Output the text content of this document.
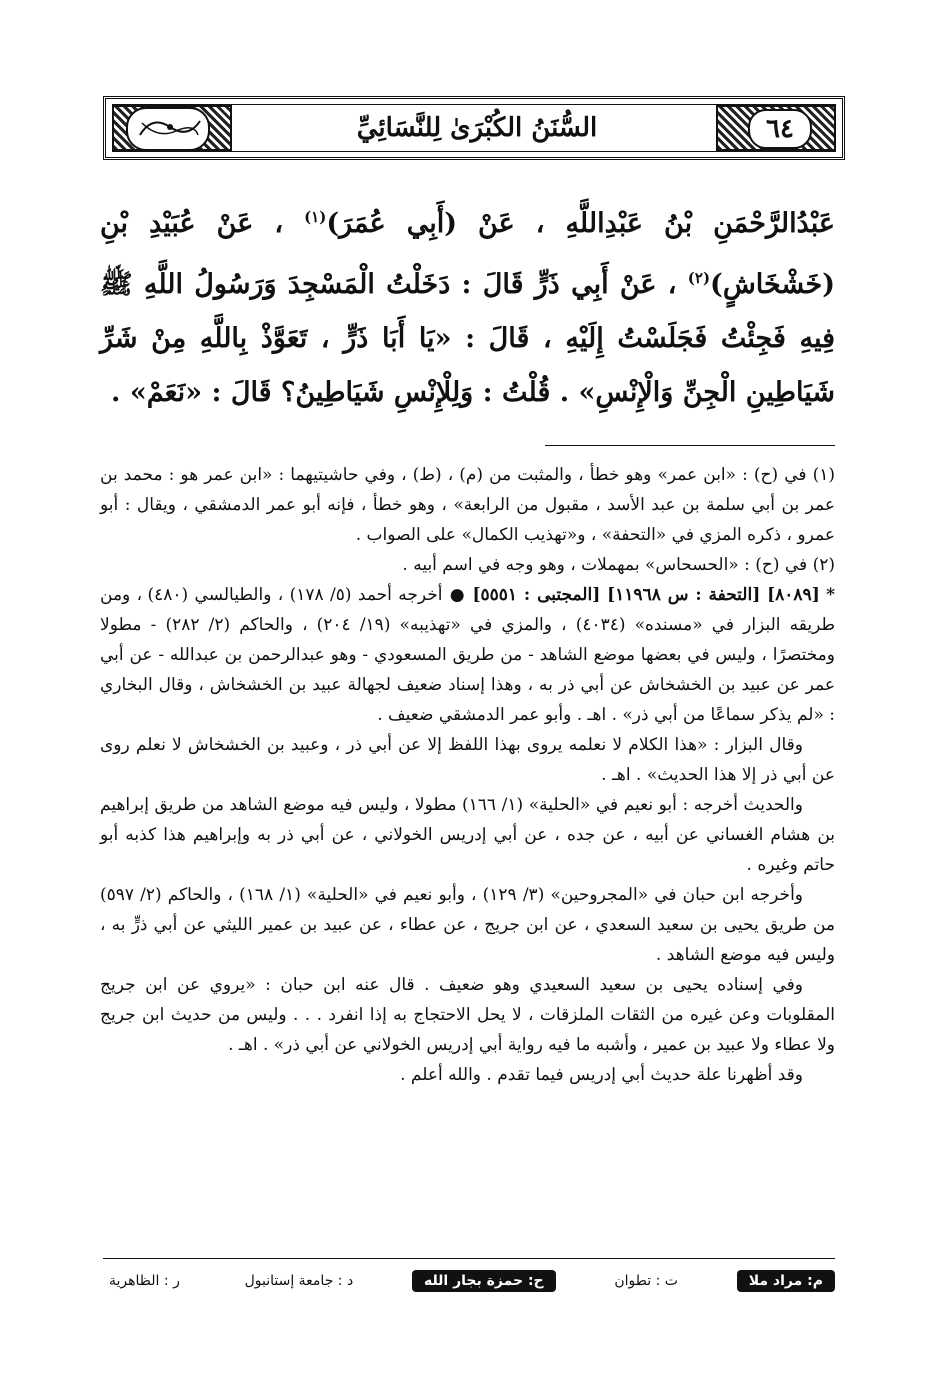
٦٤
السُّنَنُ الكُبْرَىٰ لِلنَّسَائِيِّ

عَبْدُالرَّحْمَنِ بْنُ عَبْدِاللَّهِ ، عَنْ (أَبِي عُمَرَ)$^{(١)}$ ، عَنْ عُبَيْدِ بْنِ (خَشْخَاشٍ)$^{(٢)}$ ، عَنْ أَبِي ذَرٍّ قَالَ : دَخَلْتُ الْمَسْجِدَ وَرَسُولُ اللَّهِ ﷺ فِيهِ فَجِئْتُ فَجَلَسْتُ إِلَيْهِ ، قَالَ : «يَا أَبَا ذَرٍّ ، تَعَوَّذْ بِاللَّهِ مِنْ شَرِّ شَيَاطِينِ الْجِنِّ وَالْإِنْسِ» . قُلْتُ : وَلِلْإِنْسِ شَيَاطِينُ؟ قَالَ : «نَعَمْ» .

(١) في (ح) : «ابن عمر» وهو خطأ ، والمثبت من (م) ، (ط) ، وفي حاشيتيهما : «ابن عمر هو : محمد بن عمر بن أبي سلمة بن عبد الأسد ، مقبول من الرابعة» ، وهو خطأ ، فإنه أبو عمر الدمشقي ، ويقال : أبو عمرو ، ذكره المزي في «التحفة» ، و«تهذيب الكمال» على الصواب .

(٢) في (ح) : «الحسحاس» بمهملات ، وهو وجه في اسم أبيه .

* [٨٠٨٩] [التحفة : س ١١٩٦٨] [المجتبى : ٥٥٥١] ● أخرجه أحمد (٥/ ١٧٨) ، والطيالسي (٤٨٠) ، ومن طريقه البزار في «مسنده» (٤٠٣٤) ، والمزي في «تهذيبه» (١٩/ ٢٠٤) ، والحاكم (٢/ ٢٨٢) - مطولا ومختصرًا ، وليس في بعضها موضع الشاهد - من طريق المسعودي - وهو عبدالرحمن بن عبدالله - عن أبي عمر عن عبيد بن الخشخاش عن أبي ذر به ، وهذا إسناد ضعيف لجهالة عبيد بن الخشخاش ، وقال البخاري : «لم يذكر سماعًا من أبي ذر» . اهـ . وأبو عمر الدمشقي ضعيف .

وقال البزار : «هذا الكلام لا نعلمه يروى بهذا اللفظ إلا عن أبي ذر ، وعبيد بن الخشخاش لا نعلم روى عن أبي ذر إلا هذا الحديث» . اهـ .

والحديث أخرجه : أبو نعيم في «الحلية» (١/ ١٦٦) مطولا ، وليس فيه موضع الشاهد من طريق إبراهيم بن هشام الغساني عن أبيه ، عن جده ، عن أبي إدريس الخولاني ، عن أبي ذر به وإبراهيم هذا كذبه أبو حاتم وغيره .

وأخرجه ابن حبان في «المجروحين» (٣/ ١٢٩) ، وأبو نعيم في «الحلية» (١/ ١٦٨) ، والحاكم (٢/ ٥٩٧) من طريق يحيى بن سعيد السعدي ، عن ابن جريج ، عن عطاء ، عن عبيد بن عمير الليثي عن أبي ذرٍّ به ، وليس فيه موضع الشاهد .

وفي إسناده يحيى بن سعيد السعيدي وهو ضعيف . قال عنه ابن حبان : «يروي عن ابن جريج المقلوبات وعن غيره من الثقات الملزقات ، لا يحل الاحتجاج به إذا انفرد . . . وليس من حديث ابن جريج ولا عطاء ولا عبيد بن عمير ، وأشبه ما فيه رواية أبي إدريس الخولاني عن أبي ذر» . اهـ .

وقد أظهرنا علة حديث أبي إدريس فيما تقدم . والله أعلم .

م: مراد ملا
ت : تطوان
ح: حمزة بجار الله
د : جامعة إستانبول
ر : الظاهرية
